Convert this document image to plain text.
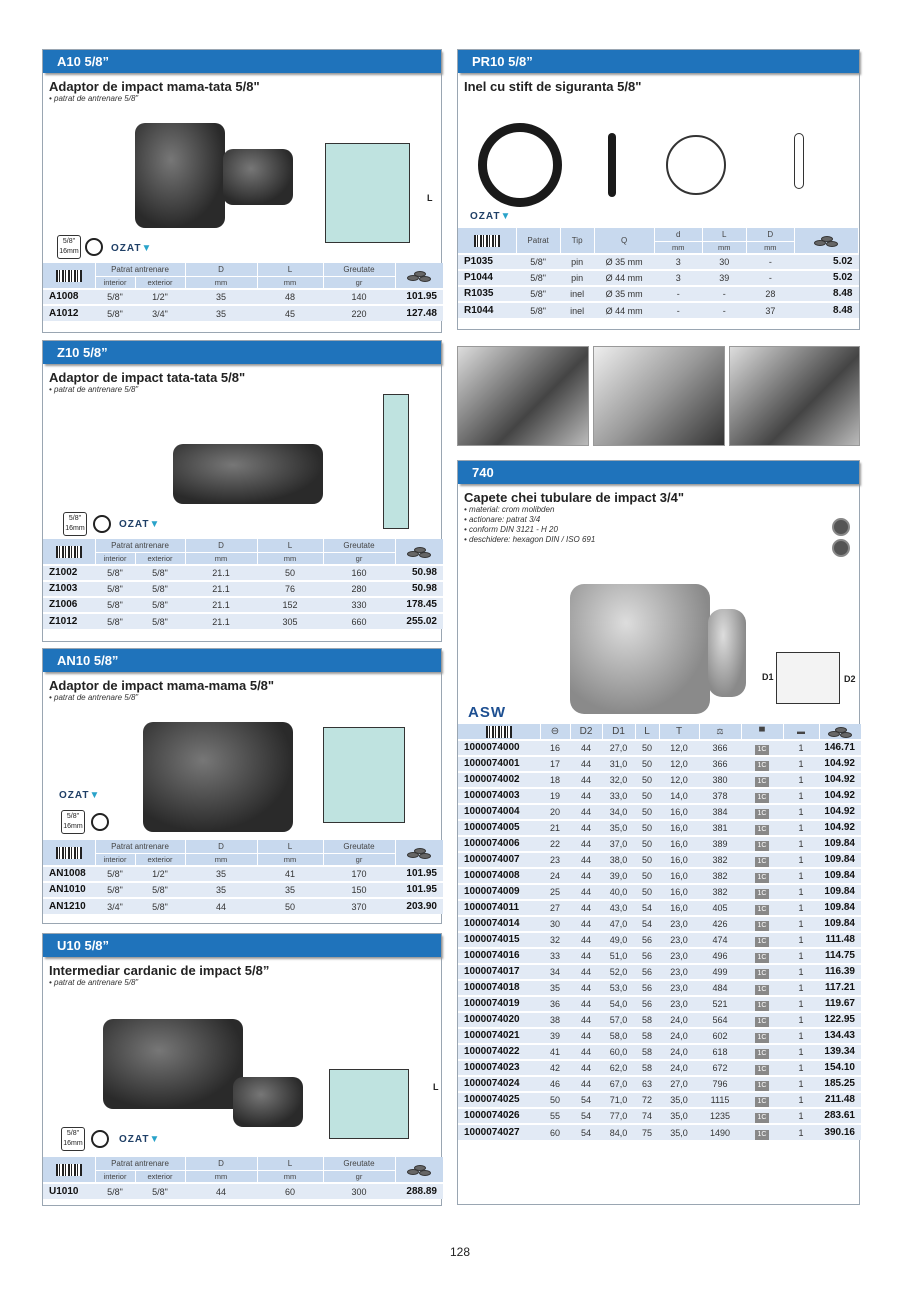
A10 5/8”
L
5/8" 16mm	OZAT▼
Adaptor de impact mama-tata 5/8"
• patrat de antrenare 5/8”
	Patrat antrenare		D	L	Greutate	

	interior	exterior	mm	mm	gr	
A1008	5/8"	1/2"	35	48	140	101.95
A1012	5/8"	3/4"	35	45	220	127.48
Z10 5/8”
5/8" 16mm	OZAT▼
Adaptor de impact tata-tata 5/8"
• patrat de antrenare 5/8”
	Patrat antrenare		D	L	Greutate	

	interior	exterior	mm	mm	gr	
Z1002	5/8"	5/8"	21.1	50	160	50.98
Z1003	5/8"	5/8"	21.1	76	280	50.98
Z1006	5/8"	5/8"	21.1	152	330	178.45
Z1012	5/8"	5/8"	21.1	305	660	255.02
AN10 5/8”
OZAT▼
5/8" 16mm
Adaptor de impact mama-mama 5/8"
• patrat de antrenare 5/8”
	Patrat antrenare		D	L	Greutate	

	interior	exterior	mm	mm	gr	
AN1008	5/8"	1/2"	35	41	170	101.95
AN1010	5/8"	5/8"	35	35	150	101.95
AN1210	3/4"	5/8"	44	50	370	203.90
U10 5/8”
L
5/8" 16mm	OZAT▼
Intermediar cardanic de impact 5/8”
• patrat de antrenare 5/8”
	Patrat antrenare		D	L	Greutate	

	interior	exterior	mm	mm	gr	
U1010	5/8"	5/8"	44	60	300	288.89
PR10 5/8”
OZAT▼
Inel cu stift de siguranta 5/8"
	Patrat	Tip	Q	d	L	D	

				mm	mm	mm	
P1035	5/8"	pin	Ø 35 mm	3	30	-	5.02
P1044	5/8"	pin	Ø 44 mm	3	39	-	5.02
R1035	5/8"	inel	Ø 35 mm	-	-	28	8.48
R1044	5/8"	inel	Ø 44 mm	-	-	37	8.48
740
D1	D2
ASW
Capete chei tubulare de impact 3/4"
• material: crom molibden
• actionare: patrat 3/4
• conform DIN 3121 - H 20
• deschidere: hexagon DIN / ISO 691
	⊖	D2	D1	L	T	⚖	▀	▬	

1000074000	16	44	27,0	50	12,0	366	1C	1	146.71
1000074001	17	44	31,0	50	12,0	366	1C	1	104.92
1000074002	18	44	32,0	50	12,0	380	1C	1	104.92
1000074003	19	44	33,0	50	14,0	378	1C	1	104.92
1000074004	20	44	34,0	50	16,0	384	1C	1	104.92
1000074005	21	44	35,0	50	16,0	381	1C	1	104.92
1000074006	22	44	37,0	50	16,0	389	1C	1	109.84
1000074007	23	44	38,0	50	16,0	382	1C	1	109.84
1000074008	24	44	39,0	50	16,0	382	1C	1	109.84
1000074009	25	44	40,0	50	16,0	382	1C	1	109.84
1000074011	27	44	43,0	54	16,0	405	1C	1	109.84
1000074014	30	44	47,0	54	23,0	426	1C	1	109.84
1000074015	32	44	49,0	56	23,0	474	1C	1	111.48
1000074016	33	44	51,0	56	23,0	496	1C	1	114.75
1000074017	34	44	52,0	56	23,0	499	1C	1	116.39
1000074018	35	44	53,0	56	23,0	484	1C	1	117.21
1000074019	36	44	54,0	56	23,0	521	1C	1	119.67
1000074020	38	44	57,0	58	24,0	564	1C	1	122.95
1000074021	39	44	58,0	58	24,0	602	1C	1	134.43
1000074022	41	44	60,0	58	24,0	618	1C	1	139.34
1000074023	42	44	62,0	58	24,0	672	1C	1	154.10
1000074024	46	44	67,0	63	27,0	796	1C	1	185.25
1000074025	50	54	71,0	72	35,0	1115	1C	1	211.48
1000074026	55	54	77,0	74	35,0	1235	1C	1	283.61
1000074027	60	54	84,0	75	35,0	1490	1C	1	390.16
128
